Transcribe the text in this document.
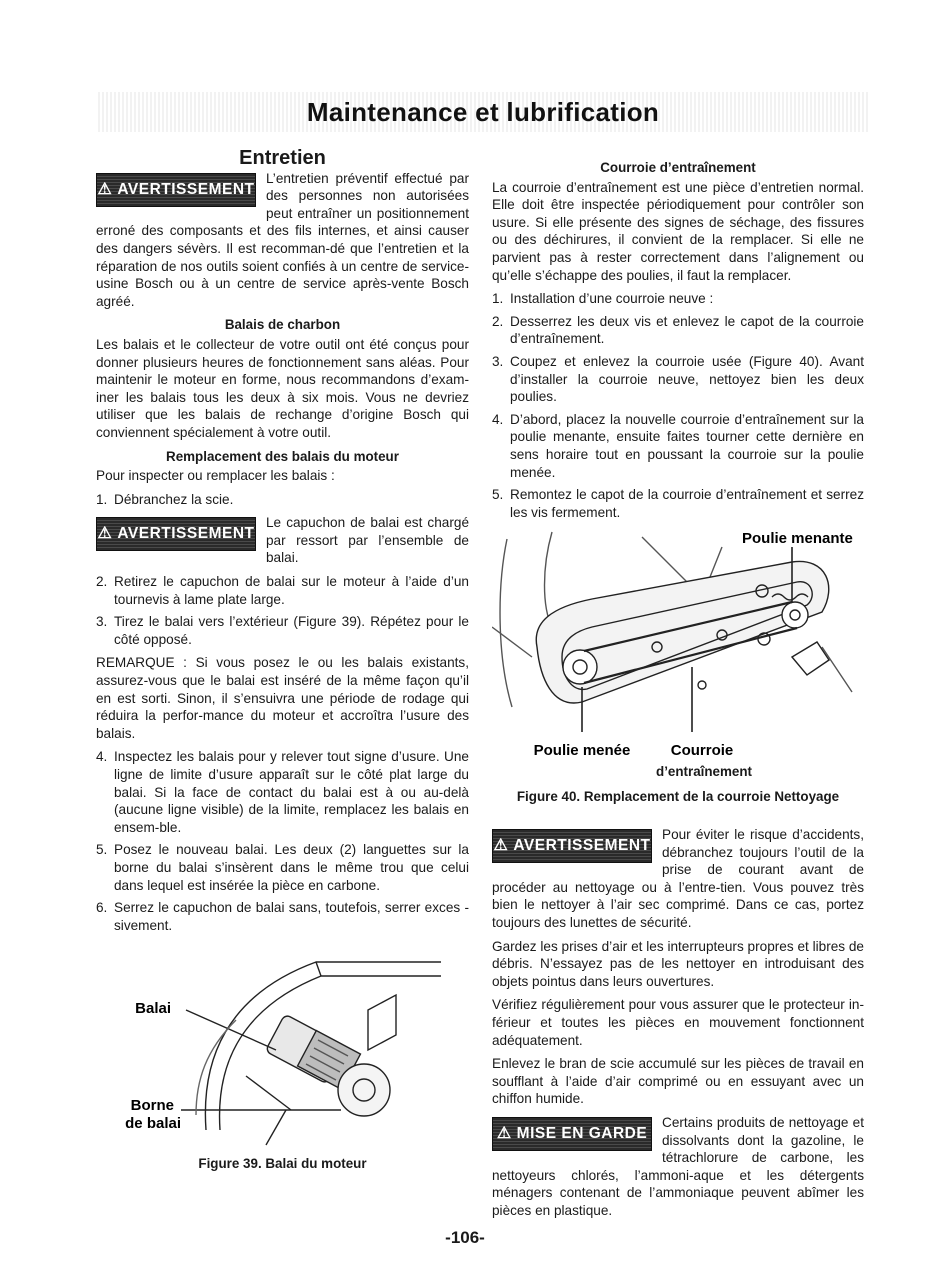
Maintenance et lubrification
Entretien
⚠ AVERTISSEMENT
L’entretien préventif effectué par des personnes non autorisées peut entraîner un positionnement erroné des composants et des fils internes, et ainsi causer des dangers sévèrs. Il est recomman-dé que l’entretien et la réparation de nos outils soient confiés à un centre de service-usine Bosch ou à un centre de service après-vente Bosch agréé.
Balais de charbon

Les balais et le collecteur de votre outil ont été conçus pour donner plusieurs heures de fonctionnement sans aléas. Pour maintenir le moteur en forme, nous recommandons d’exam-iner les balais tous les deux à six mois. Vous ne devriez utiliser que les balais de rechange d’origine Bosch qui conviennent spécialement à votre outil.

Remplacement des balais du moteur

Pour inspecter ou remplacer les balais :

1. Débranchez la scie.
⚠ AVERTISSEMENT
Le capuchon de balai est chargé par ressort par l’ensemble de balai.
2. Retirez le capuchon de balai sur le moteur à l’aide d’un tournevis à lame plate large.
3. Tirez le balai vers l’extérieur (Figure 39). Répétez pour le côté opposé.

REMARQUE : Si vous posez le ou les balais existants, assurez-vous que le balai est inséré de la même façon qu’il en est sorti. Sinon, il s’ensuivra une période de rodage qui réduira la perfor-mance du moteur et accroîtra l’usure des balais.

4. Inspectez les balais pour y relever tout signe d’usure. Une ligne de limite d’usure apparaît sur le côté plat large du balai. Si la face de contact du balai est à ou au-delà (aucune ligne visible) de la limite, remplacez les balais en ensem-ble.
5. Posez le nouveau balai. Les deux (2) languettes sur la borne du balai s’insèrent dans le même trou que celui dans lequel est insérée la pièce en carbone.
6. Serrez le capuchon de balai sans, toutefois, serrer exces - sivement.
Balai
Borne
de balai
Figure 39. Balai du moteur
Courroie d’entraînement

La courroie d’entraînement est une pièce d’entretien normal. Elle doit être inspectée périodiquement pour contrôler son usure. Si elle présente des signes de séchage, des fissures ou des déchirures, il convient de la remplacer. Si elle ne parvient pas à rester correctement dans l’alignement ou qu’elle s’échappe des poulies, il faut la remplacer.

1. Installation d’une courroie neuve :
2. Desserrez les deux vis et enlevez le capot de la courroie d’entraînement.
3. Coupez et enlevez la courroie usée (Figure 40). Avant d’installer la courroie neuve, nettoyez bien les deux poulies.
4. D’abord, placez la nouvelle courroie d’entraînement sur la poulie menante, ensuite faites tourner cette dernière en sens horaire tout en poussant la courroie sur la poulie menée.
5. Remontez le capot de la courroie d’entraînement et serrez les vis fermement.
Poulie menante
Poulie menée	Courroie
d’entraînement
Figure 40. Remplacement de la courroie Nettoyage
⚠ AVERTISSEMENT
Pour éviter le risque d’accidents, débranchez toujours l’outil de la prise de courant avant de procéder au nettoyage ou à l’entre-tien. Vous pouvez très bien le nettoyer à l’air sec comprimé. Dans ce cas, portez toujours des lunettes de sécurité.

Gardez les prises d’air et les interrupteurs propres et libres de débris. N’essayez pas de les nettoyer en introduisant des objets pointus dans leurs ouvertures.

Vérifiez régulièrement pour vous assurer que le protecteur in-férieur et toutes les pièces en mouvement fonctionnent adéquatement.

Enlevez le bran de scie accumulé sur les pièces de travail en soufflant à l’aide d’air comprimé ou en essuyant avec un chiffon humide.

⚠ MISE EN GARDE
Certains produits de nettoyage et dissolvants dont la gazoline, le tétrachlorure de carbone, les nettoyeurs chlorés, l’ammoni-aque et les détergents ménagers contenant de l’ammoniaque peuvent abîmer les pièces en plastique.
-106-
